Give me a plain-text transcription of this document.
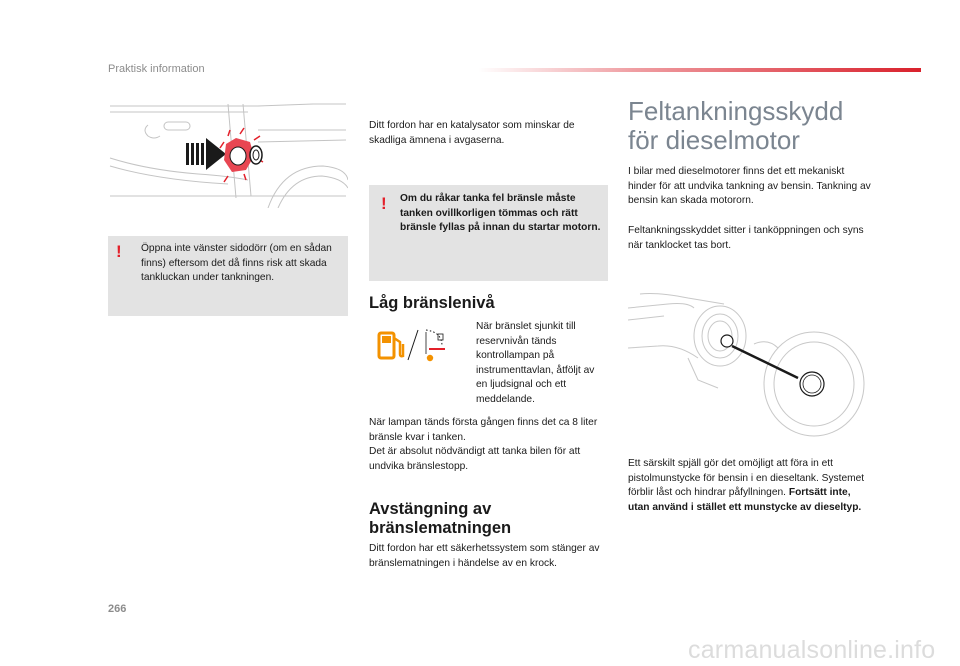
Praktisk information
! Öppna inte vänster sidodörr (om en sådan finns) eftersom det då finns risk att skada tankluckan under tankningen.
Ditt fordon har en katalysator som minskar de skadliga ämnena i avgaserna.
! Om du råkar tanka fel bränsle måste tanken ovillkorligen tömmas och rätt bränsle fyllas på innan du startar motorn.
Låg bränslenivå
När bränslet sjunkit till reservnivån tänds kontrollampan på instrumenttavlan, åtföljt av en ljudsignal och ett meddelande.
När lampan tänds första gången finns det ca 8 liter bränsle kvar i tanken.
Det är absolut nödvändigt att tanka bilen för att undvika bränslestopp.
Avstängning av bränslematningen
Ditt fordon har ett säkerhetssystem som stänger av bränslematningen i händelse av en krock.
Feltankningsskydd för dieselmotor
I bilar med dieselmotorer finns det ett mekaniskt hinder för att undvika tankning av bensin. Tankning av bensin kan skada motororn.
Feltankningsskyddet sitter i tanköppningen och syns när tanklocket tas bort.
Ett särskilt spjäll gör det omöjligt att föra in ett pistolmunstycke för bensin i en dieseltank. Systemet förblir låst och hindrar påfyllningen. Fortsätt inte, utan använd i stället ett munstycke av dieseltyp.
266
carmanualsonline.info
